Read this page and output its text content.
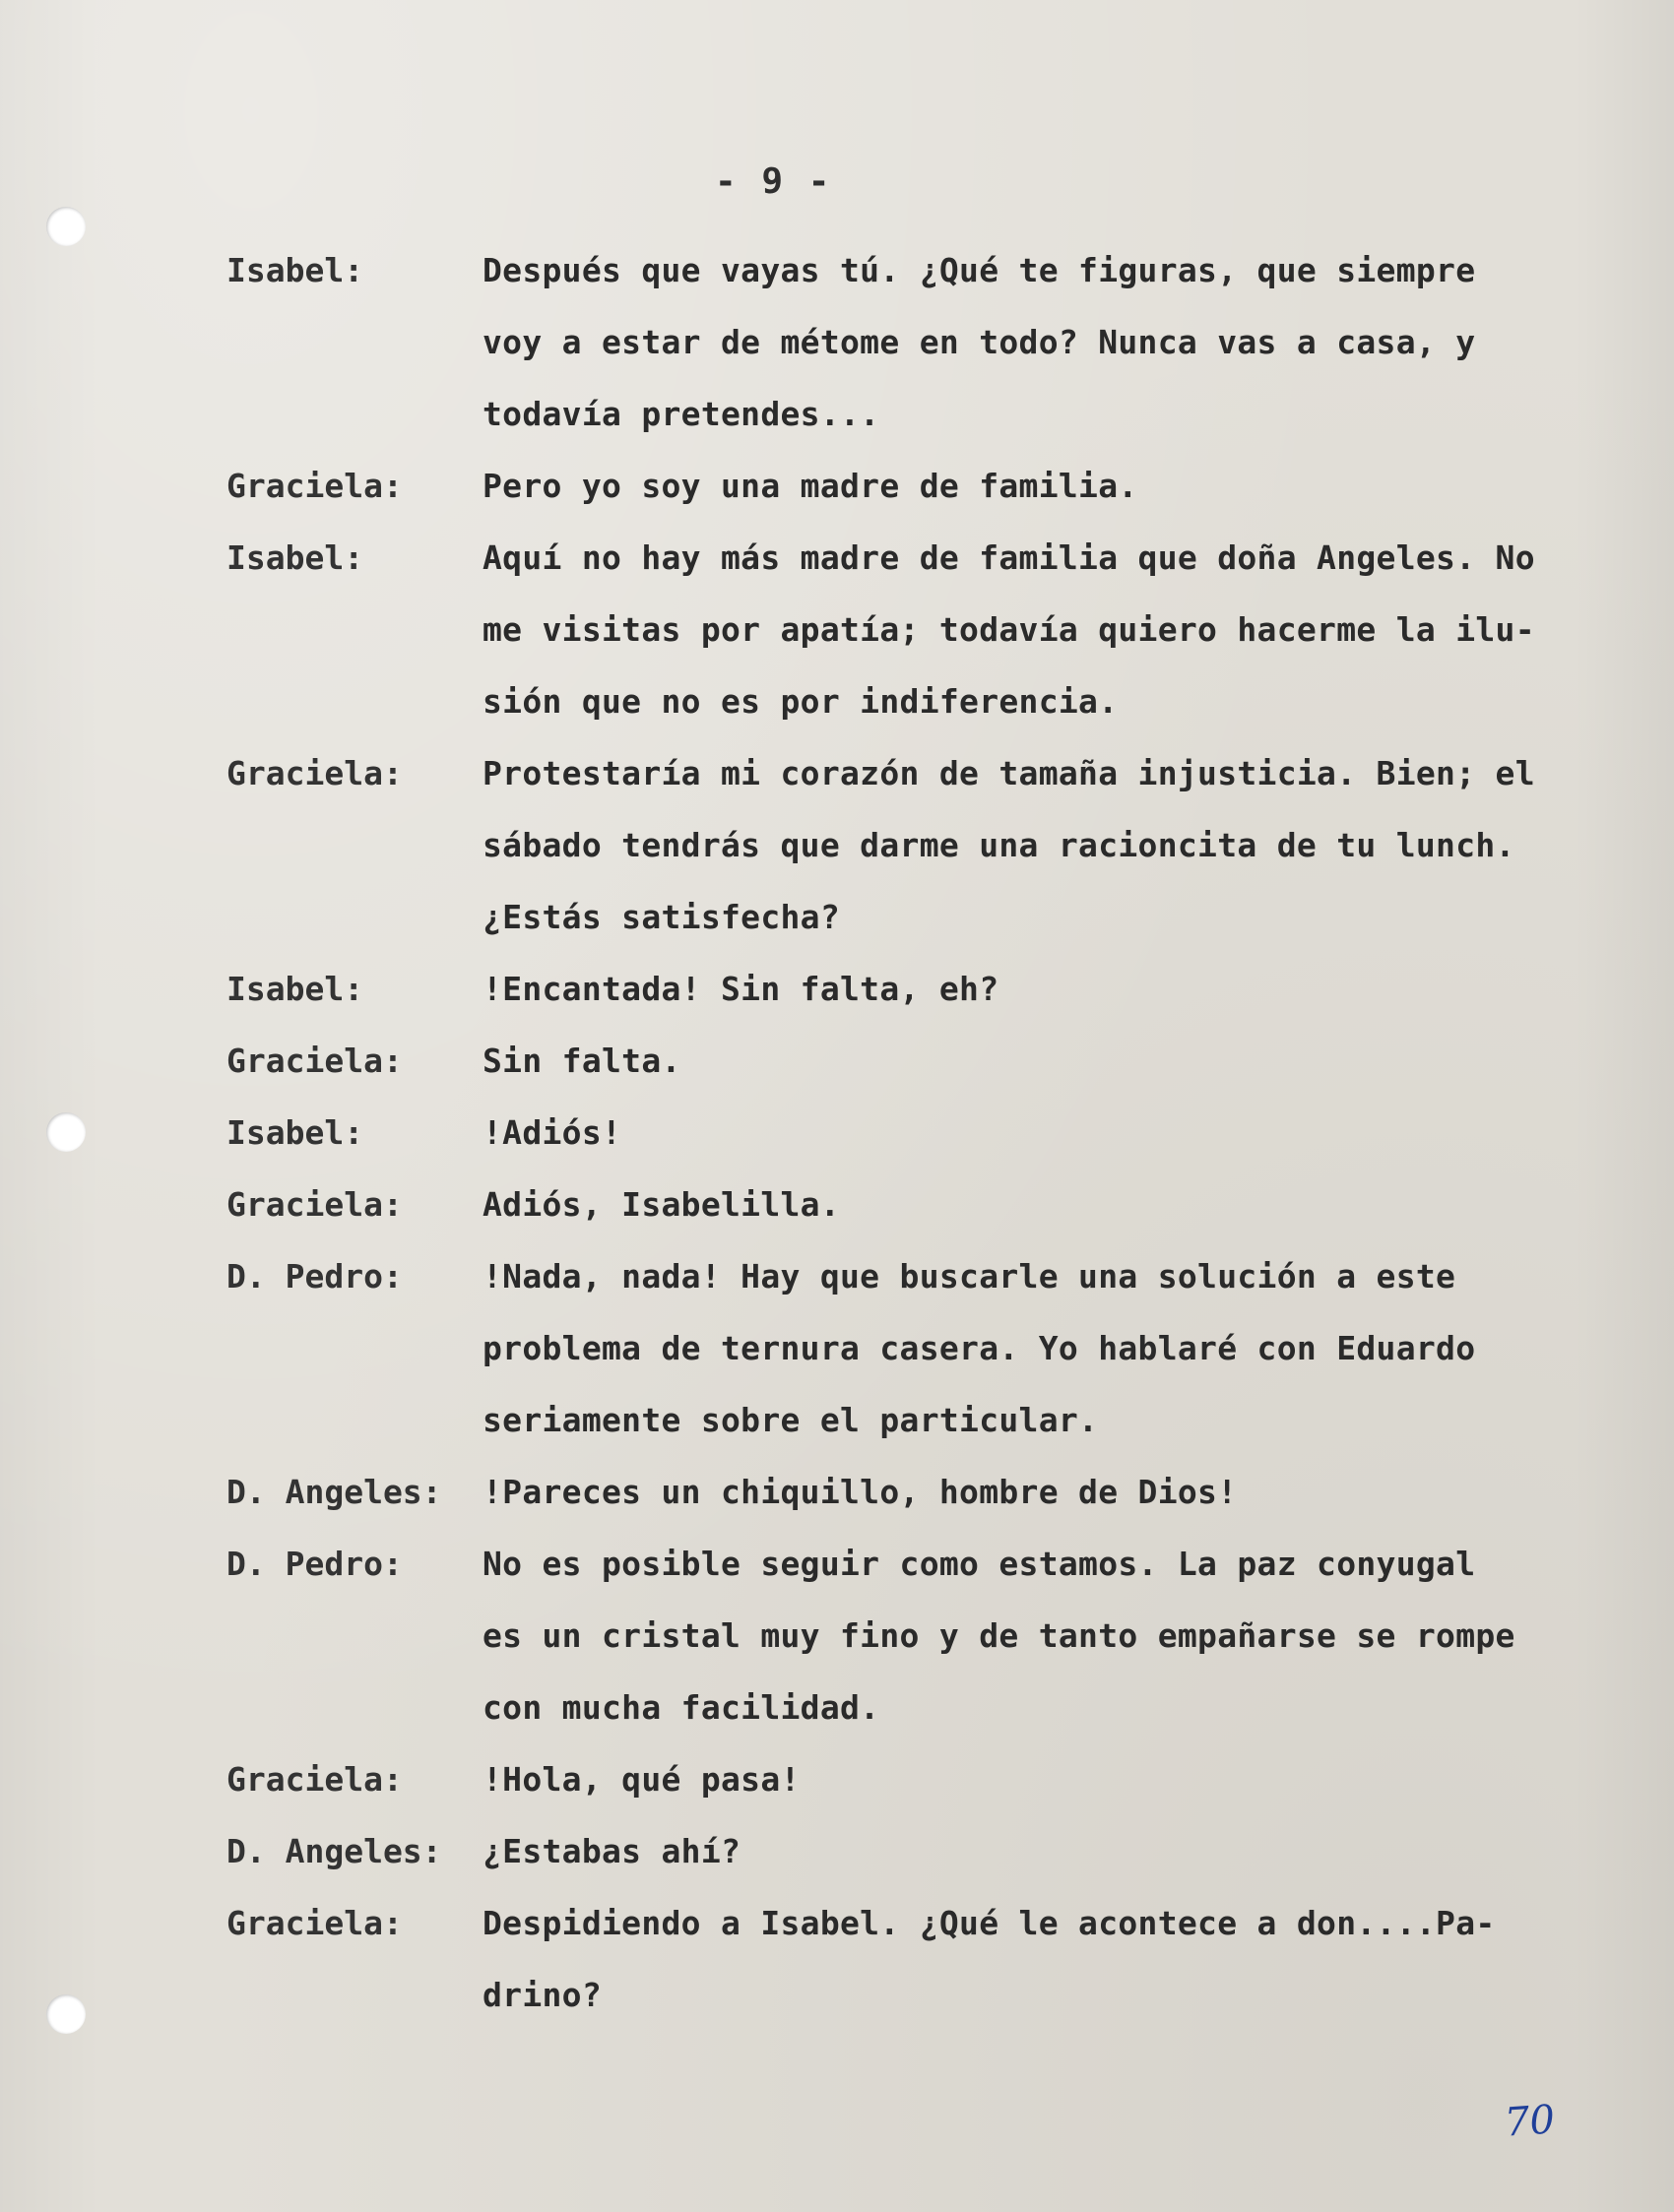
- 9 -
Isabel:	Después que vayas tú. ¿Qué te figuras, que siempre
voy a estar de métome en todo? Nunca vas a casa, y
todavía pretendes...
Graciela:	Pero yo soy una madre de familia.
Isabel:	Aquí no hay más madre de familia que doña Angeles. No
me visitas por apatía; todavía quiero hacerme la ilu-
sión que no es por indiferencia.
Graciela:	Protestaría mi corazón de tamaña injusticia. Bien; el
sábado tendrás que darme una racioncita de tu lunch.
¿Estás satisfecha?
Isabel:	!Encantada! Sin falta, eh?
Graciela:	Sin falta.
Isabel:	!Adiós!
Graciela:	Adiós, Isabelilla.
D. Pedro:	!Nada, nada! Hay que buscarle una solución a este
problema de ternura casera. Yo hablaré con Eduardo
seriamente sobre el particular.
D. Angeles:	!Pareces un chiquillo, hombre de Dios!
D. Pedro:	No es posible seguir como estamos. La paz conyugal
es un cristal muy fino y de tanto empañarse se rompe
con mucha facilidad.
Graciela:	!Hola, qué pasa!
D. Angeles:	¿Estabas ahí?
Graciela:	Despidiendo a Isabel. ¿Qué le acontece a don....Pa-
drino?
70
